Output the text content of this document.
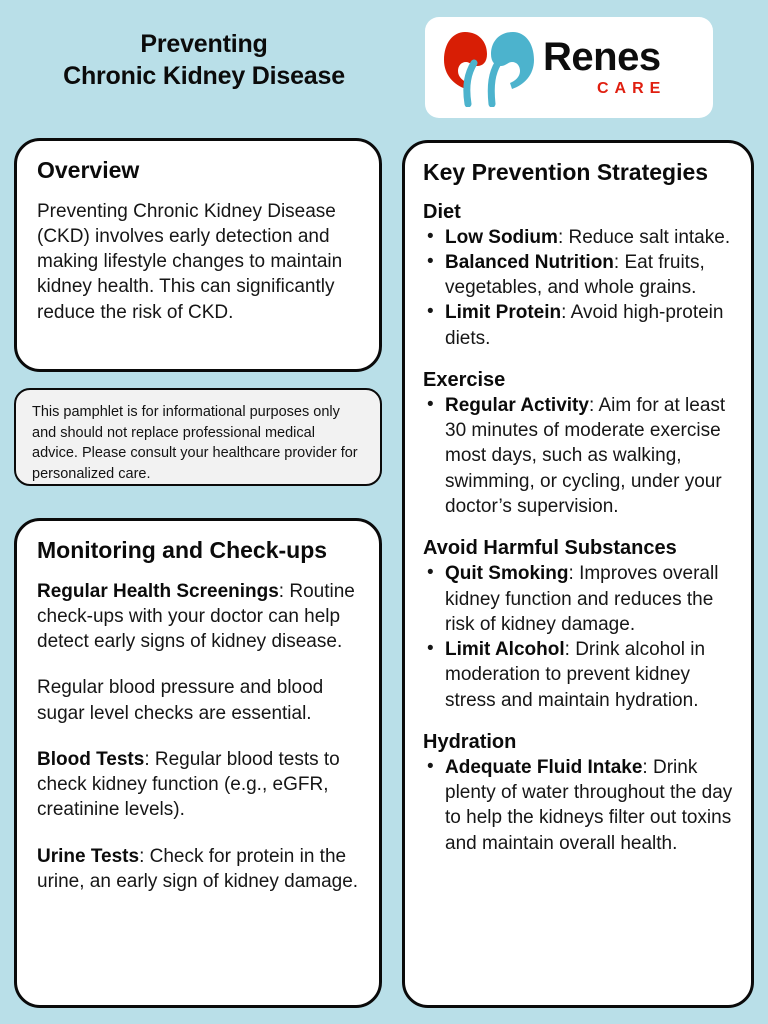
Preventing
Chronic Kidney Disease	Renes
CARE
Overview

Preventing Chronic Kidney Disease (CKD) involves early detection and making lifestyle changes to maintain kidney health. This can significantly reduce the risk of CKD.

This pamphlet is for informational purposes only and should not replace professional medical advice. Please consult your healthcare provider for personalized care.

Monitoring and Check-ups

Regular Health Screenings: Routine check-ups with your doctor can help detect early signs of kidney disease.

Regular blood pressure and blood sugar level checks are essential.

Blood Tests: Regular blood tests to check kidney function (e.g., eGFR, creatinine levels).

Urine Tests: Check for protein in the urine, an early sign of kidney damage.

Key Prevention Strategies
Diet
• Low Sodium: Reduce salt intake.
• Balanced Nutrition: Eat fruits, vegetables, and whole grains.
• Limit Protein: Avoid high-protein diets.
Exercise
• Regular Activity: Aim for at least 30 minutes of moderate exercise most days, such as walking, swimming, or cycling, under your doctor’s supervision.
Avoid Harmful Substances
• Quit Smoking: Improves overall kidney function and reduces the risk of kidney damage.
• Limit Alcohol: Drink alcohol in moderation to prevent kidney stress and maintain hydration.
Hydration
• Adequate Fluid Intake: Drink plenty of water throughout the day to help the kidneys filter out toxins and maintain overall health.
